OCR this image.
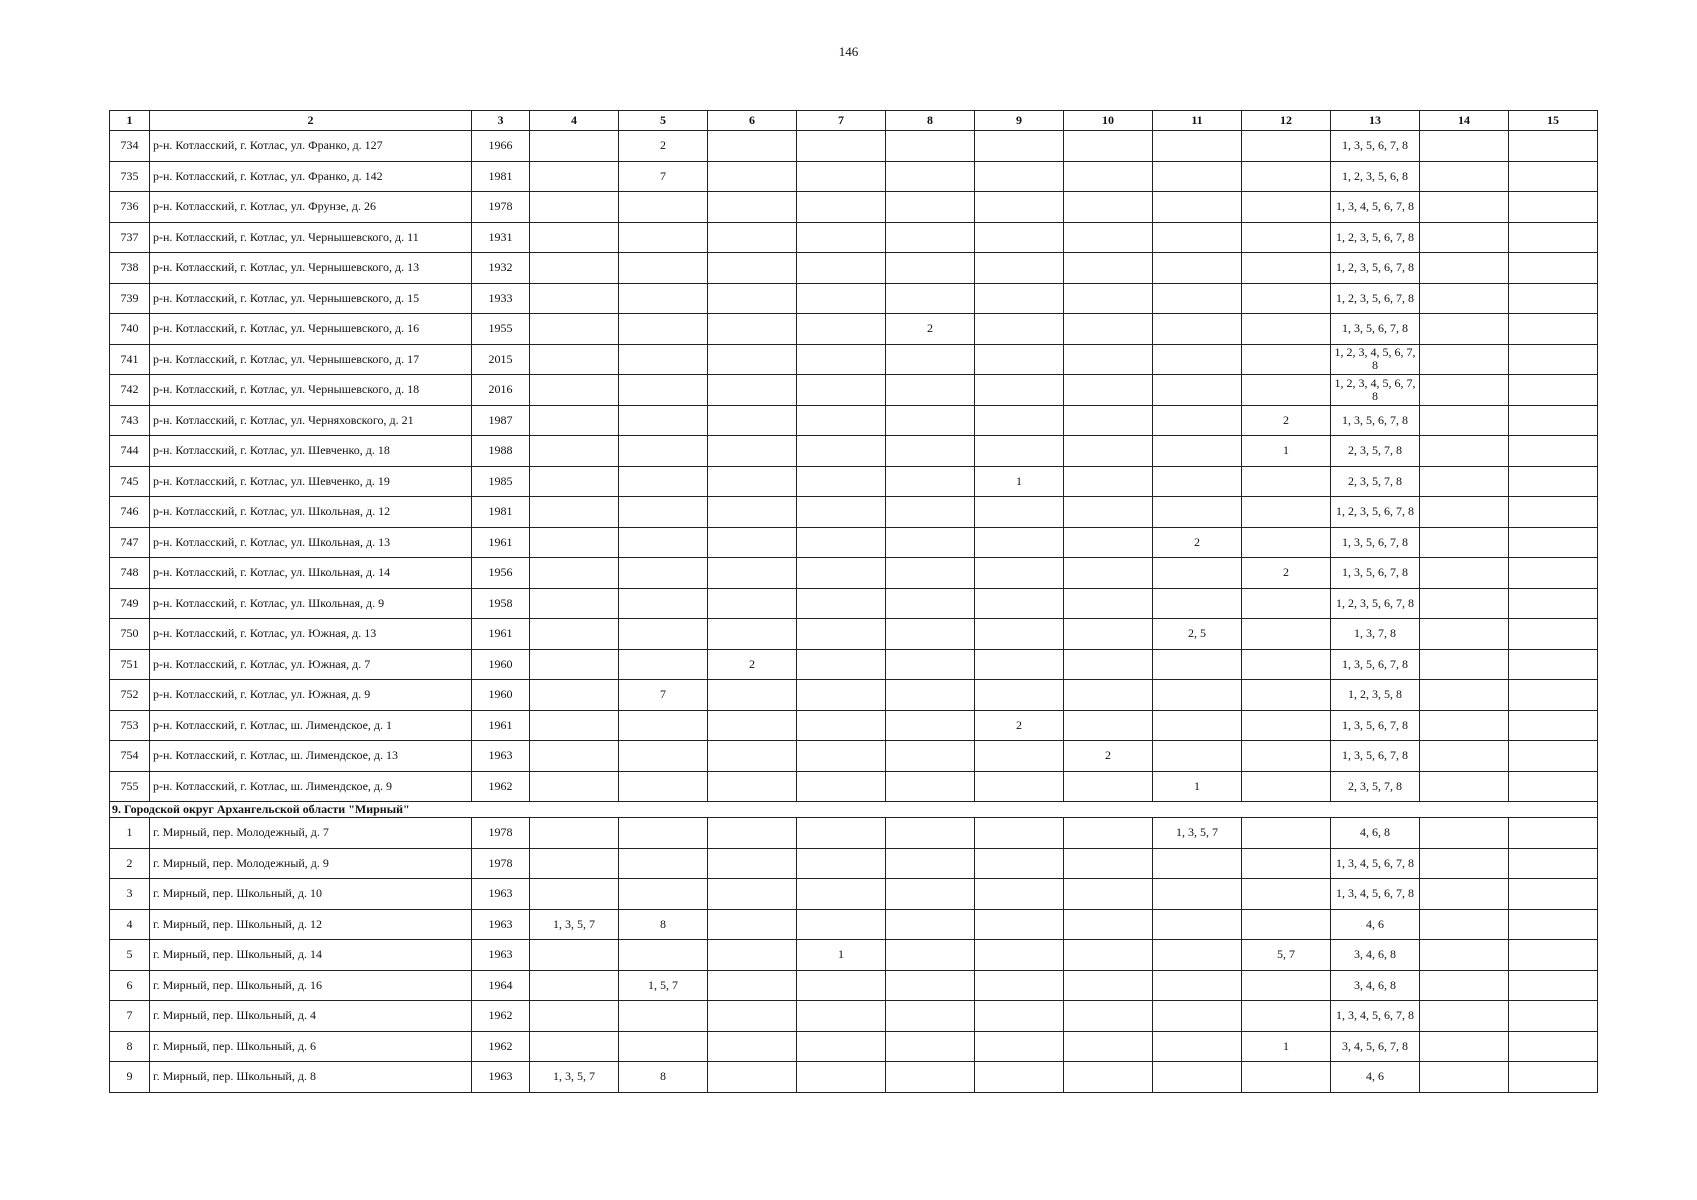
146
1	2	3	4	5	6	7	8	9	10	11	12	13	14	15
734	р-н. Котласский, г. Котлас, ул. Франко, д. 127	1966		2								1, 3, 5, 6, 7, 8		
735	р-н. Котласский, г. Котлас, ул. Франко, д. 142	1981		7								1, 2, 3, 5, 6, 8		
736	р-н. Котласский, г. Котлас, ул. Фрунзе, д. 26	1978										1, 3, 4, 5, 6, 7, 8		
737	р-н. Котласский, г. Котлас, ул. Чернышевского, д. 11	1931										1, 2, 3, 5, 6, 7, 8		
738	р-н. Котласский, г. Котлас, ул. Чернышевского, д. 13	1932										1, 2, 3, 5, 6, 7, 8		
739	р-н. Котласский, г. Котлас, ул. Чернышевского, д. 15	1933										1, 2, 3, 5, 6, 7, 8		
740	р-н. Котласский, г. Котлас, ул. Чернышевского, д. 16	1955					2					1, 3, 5, 6, 7, 8		
741	р-н. Котласский, г. Котлас, ул. Чернышевского, д. 17	2015										1, 2, 3, 4, 5, 6, 7, 8		
742	р-н. Котласский, г. Котлас, ул. Чернышевского, д. 18	2016										1, 2, 3, 4, 5, 6, 7, 8		
743	р-н. Котласский, г. Котлас, ул. Черняховского, д. 21	1987									2	1, 3, 5, 6, 7, 8		
744	р-н. Котласский, г. Котлас, ул. Шевченко, д. 18	1988									1	2, 3, 5, 7, 8		
745	р-н. Котласский, г. Котлас, ул. Шевченко, д. 19	1985						1				2, 3, 5, 7, 8		
746	р-н. Котласский, г. Котлас, ул. Школьная, д. 12	1981										1, 2, 3, 5, 6, 7, 8		
747	р-н. Котласский, г. Котлас, ул. Школьная, д. 13	1961								2		1, 3, 5, 6, 7, 8		
748	р-н. Котласский, г. Котлас, ул. Школьная, д. 14	1956									2	1, 3, 5, 6, 7, 8		
749	р-н. Котласский, г. Котлас, ул. Школьная, д. 9	1958										1, 2, 3, 5, 6, 7, 8		
750	р-н. Котласский, г. Котлас, ул. Южная, д. 13	1961								2, 5		1, 3, 7, 8		
751	р-н. Котласский, г. Котлас, ул. Южная, д. 7	1960			2							1, 3, 5, 6, 7, 8		
752	р-н. Котласский, г. Котлас, ул. Южная, д. 9	1960		7								1, 2, 3, 5, 8		
753	р-н. Котласский, г. Котлас, ш. Лимендское, д. 1	1961						2				1, 3, 5, 6, 7, 8		
754	р-н. Котласский, г. Котлас, ш. Лимендское, д. 13	1963							2			1, 3, 5, 6, 7, 8		
755	р-н. Котласский, г. Котлас, ш. Лимендское, д. 9	1962								1		2, 3, 5, 7, 8		
9. Городской округ Архангельской области "Мирный"														
1	г. Мирный, пер. Молодежный, д. 7	1978								1, 3, 5, 7		4, 6, 8		
2	г. Мирный, пер. Молодежный, д. 9	1978										1, 3, 4, 5, 6, 7, 8		
3	г. Мирный, пер. Школьный, д. 10	1963										1, 3, 4, 5, 6, 7, 8		
4	г. Мирный, пер. Школьный, д. 12	1963	1, 3, 5, 7	8								4, 6		
5	г. Мирный, пер. Школьный, д. 14	1963				1					5, 7	3, 4, 6, 8		
6	г. Мирный, пер. Школьный, д. 16	1964		1, 5, 7								3, 4, 6, 8		
7	г. Мирный, пер. Школьный, д. 4	1962										1, 3, 4, 5, 6, 7, 8		
8	г. Мирный, пер. Школьный, д. 6	1962									1	3, 4, 5, 6, 7, 8		
9	г. Мирный, пер. Школьный, д. 8	1963	1, 3, 5, 7	8								4, 6		
